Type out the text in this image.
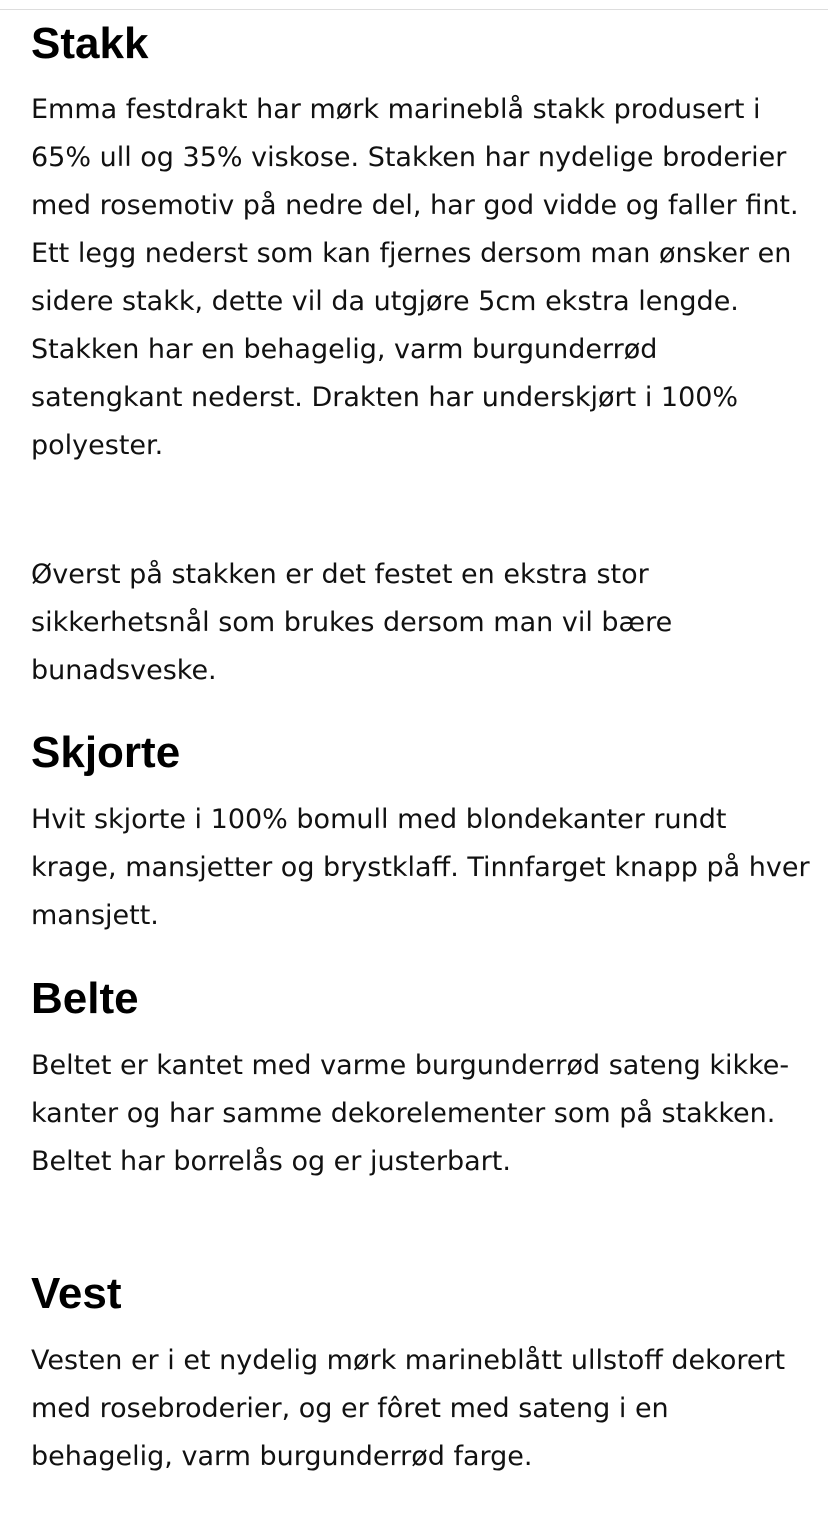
Stakk

Emma festdrakt har mørk marineblå stakk produsert i 65% ull og 35% viskose. Stakken har nydelige broderier med rosemotiv på nedre del, har god vidde og faller fint. Ett legg nederst som kan fjernes dersom man ønsker en sidere stakk, dette vil da utgjøre 5cm ekstra lengde. Stakken har en behagelig, varm burgunderrød satengkant nederst. Drakten har underskjørt i 100% polyester.

Øverst på stakken er det festet en ekstra stor sikkerhetsnål som brukes dersom man vil bære bunadsveske.

Skjorte

Hvit skjorte i 100% bomull med blondekanter rundt krage, mansjetter og brystklaff. Tinnfarget knapp på hver mansjett.

Belte

Beltet er kantet med varme burgunderrød sateng kikke-kanter og har samme dekorelementer som på stakken. Beltet har borrelås og er justerbart.

Vest

Vesten er i et nydelig mørk marineblått ullstoff dekorert med rosebroderier, og er fôret med sateng i en behagelig, varm burgunderrød farge.
